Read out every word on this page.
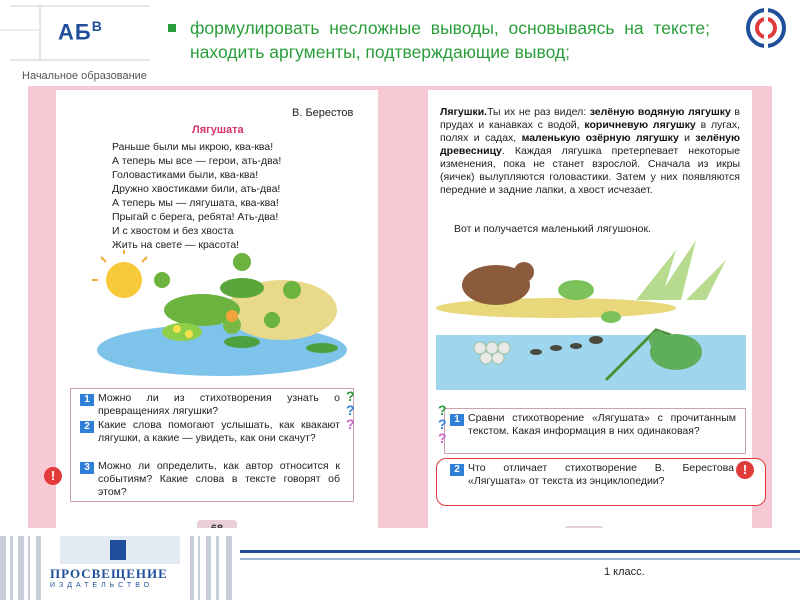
$АБ^В$
Начальное образование
формулировать несложные выводы, основываясь на тексте; находить аргументы, подтверждающие вывод;
В. Берестов
Лягушата
Раньше были мы икрою, ква-ква!
А теперь мы все — герои, ать-два!
Головастиками были, ква-ква!
Дружно хвостиками били, ать-два!
А теперь мы — лягушата, ква-ква!
Прыгай с берега, ребята! Ать-два!
И с хвостом и без хвоста
Жить на свете — красота!
1 Можно ли из стихотворения узнать о превращениях лягушки?
2 Какие слова помогают услышать, как квакают лягушки, а какие — увидеть, как они скачут?
3 Можно ли определить, как автор относится к событиям? Какие слова в тексте говорят об этом?
?
?
?
!
1 Сравни стихотворение «Лягушата» с прочитанным текстом. Какая информация в них одинаковая?
2 Что отличает стихотворение В. Берестова «Лягушата» от текста из энциклопедии?
Лягушки.Ты их не раз видел: зелёную водяную лягушку в прудах и канавках с водой, коричневую лягушку в лугах, полях и садах, маленькую озёрную лягушку и зелёную древесницу. Каждая лягушка претерпевает некоторые изменения, пока не станет взрослой. Сначала из икры (яичек) вылупляются головастики. Затем у них появляются передние и задние лапки, а хвост исчезает.
Вот и получается маленький лягушонок.
?
?
?
!
ПРОСВЕЩЕНИЕ
ИЗДАТЕЛЬСТВО
1 класс.
